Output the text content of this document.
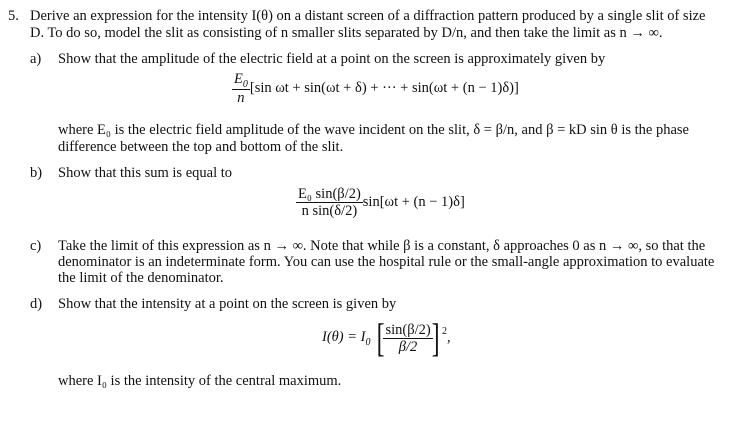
5. Derive an expression for the intensity I(θ) on a distant screen of a diffraction pattern produced by a single slit of size
D. To do so, model the slit as consisting of n smaller slits separated by D/n, and then take the limit as n → ∞.
a) Show that the amplitude of the electric field at a point on the screen is approximately given by
$\frac{E_0}{n} [\sin$ ωt + sin(ωt + δ) + ··· + sin(ωt + (n − 1)δ)]
where E₀ is the electric field amplitude of the wave incident on the slit, δ = β/n, and β = kD sin θ is the phase
difference between the top and bottom of the slit.
b) Show that this sum is equal to
$\frac{\text{E₀ sin(β/2)}}{\text{n sin(δ/2)}} \sin[\omega t + (n - 1)\delta]$
c) Take the limit of this expression as n → ∞. Note that while β is a constant, δ approaches 0 as n → ∞, so that the
denominator is an indeterminate form. You can use the hospital rule or the small-angle approximation to evaluate
the limit of the denominator.
d) Show that the intensity at a point on the screen is given by
$I(\theta) = I_0$ [
$\frac{\sin(\beta/2)}{\beta/2}$
] $^2$,
where I₀ is the intensity of the central maximum.
